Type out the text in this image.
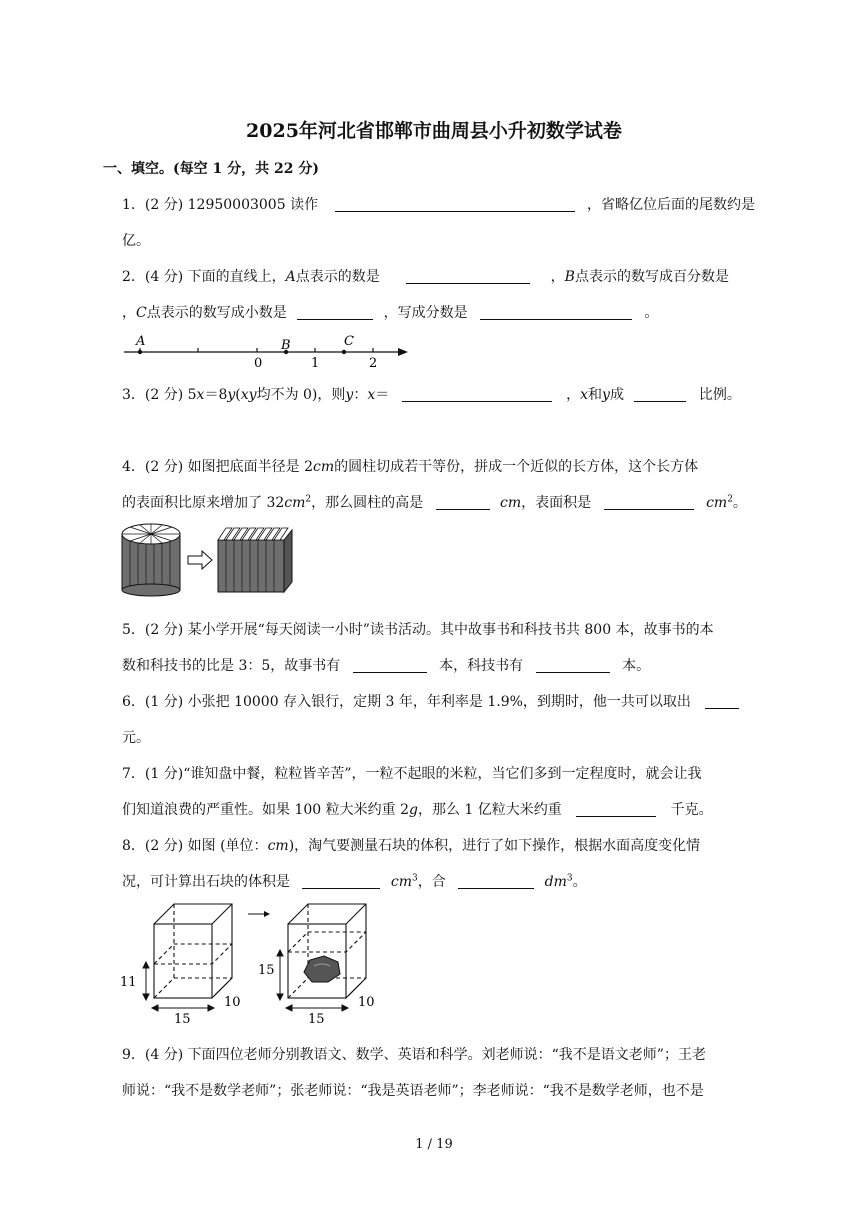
2025年河北省邯郸市曲周县小升初数学试卷
一、填空。(每空 1 分，共 22 分)
1．(2 分) 12950003005 读作	，省略亿位后面的尾数约是
亿。
2．(4 分) 下面的直线上，A点表示的数是	，B点表示的数写成百分数是
，C点表示的数写成小数是	，写成分数是	。
A	B	C
0	1	2
3．(2 分) 5x＝8y(xy均不为 0)，则y：x＝	，x和y成	比例。
4．(2 分) 如图把底面半径是 2cm的圆柱切成若干等份，拼成一个近似的长方体，这个长方体
的表面积比原来增加了 $32cm^2$，那么圆柱的高是	cm，表面积是	$cm^2$。
5．(2 分) 某小学开展“每天阅读一小时”读书活动。其中故事书和科技书共 800 本，故事书的本
数和科技书的比是 3：5，故事书有	本，科技书有	本。
6．(1 分) 小张把 10000 存入银行，定期 3 年，年利率是 1.9%，到期时，他一共可以取出
元。
7．(1 分)“谁知盘中餐，粒粒皆辛苦”，一粒不起眼的米粒，当它们多到一定程度时，就会让我
们知道浪费的严重性。如果 100 粒大米约重 2g，那么 1 亿粒大米约重	千克。
8．(2 分) 如图 (单位：cm)，淘气要测量石块的体积，进行了如下操作，根据水面高度变化情
况，可计算出石块的体积是	$cm^3$，合	$dm^3$。
11
15
10
15
15
10
9．(4 分) 下面四位老师分别教语文、数学、英语和科学。刘老师说：“我不是语文老师”；王老
师说：“我不是数学老师”；张老师说：“我是英语老师”；李老师说：“我不是数学老师，也不是
1 / 19
